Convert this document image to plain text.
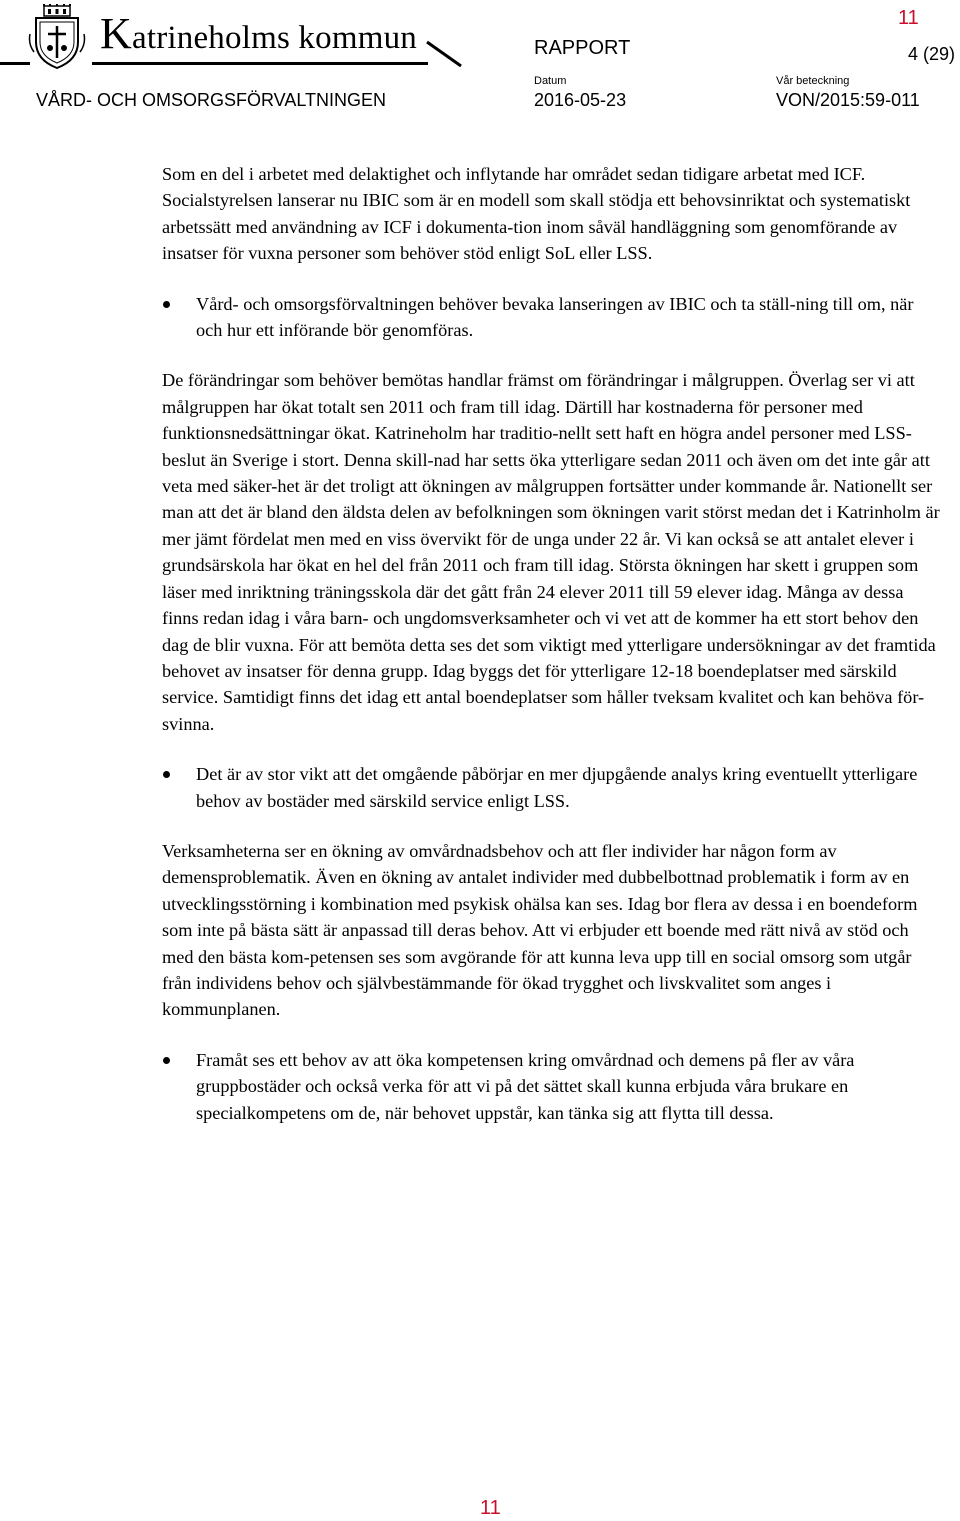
Katrineholms kommun
VÅRD- OCH OMSORGSFÖRVALTNINGEN
RAPPORT
Datum
2016-05-23
Vår beteckning
VON/2015:59-011
11
4 (29)

Som en del i arbetet med delaktighet och inflytande har området sedan tidigare arbetat med ICF. Socialstyrelsen lanserar nu IBIC som är en modell som skall stödja ett behovsinriktat och systematiskt arbetssätt med användning av ICF i dokumenta-tion inom såväl handläggning som genomförande av insatser för vuxna personer som behöver stöd enligt SoL eller LSS.

Vård- och omsorgsförvaltningen behöver bevaka lanseringen av IBIC och ta ställ-ning till om, när och hur ett införande bör genomföras.

De förändringar som behöver bemötas handlar främst om förändringar i målgruppen. Överlag ser vi att målgruppen har ökat totalt sen 2011 och fram till idag. Därtill har kostnaderna för personer med funktionsnedsättningar ökat. Katrineholm har traditio-nellt sett haft en högra andel personer med LSS-beslut än Sverige i stort. Denna skill-nad har setts öka ytterligare sedan 2011 och även om det inte går att veta med säker-het är det troligt att ökningen av målgruppen fortsätter under kommande år. Nationellt ser man att det är bland den äldsta delen av befolkningen som ökningen varit störst medan det i Katrinholm är mer jämt fördelat men med en viss övervikt för de unga under 22 år. Vi kan också se att antalet elever i grundsärskola har ökat en hel del från 2011 och fram till idag. Största ökningen har skett i gruppen som läser med inriktning träningsskola där det gått från 24 elever 2011 till 59 elever idag. Många av dessa finns redan idag i våra barn- och ungdomsverksamheter och vi vet att de kommer ha ett stort behov den dag de blir vuxna. För att bemöta detta ses det som viktigt med ytterligare undersökningar av det framtida behovet av insatser för denna grupp. Idag byggs det för ytterligare 12-18 boendeplatser med särskild service. Samtidigt finns det idag ett antal boendeplatser som håller tveksam kvalitet och kan behöva för-svinna.

Det är av stor vikt att det omgående påbörjar en mer djupgående analys kring eventuellt ytterligare behov av bostäder med särskild service enligt LSS.

Verksamheterna ser en ökning av omvårdnadsbehov och att fler individer har någon form av demensproblematik. Även en ökning av antalet individer med dubbelbottnad problematik i form av en utvecklingsstörning i kombination med psykisk ohälsa kan ses. Idag bor flera av dessa i en boendeform som inte på bästa sätt är anpassad till deras behov. Att vi erbjuder ett boende med rätt nivå av stöd och med den bästa kom-petensen ses som avgörande för att kunna leva upp till en social omsorg som utgår från individens behov och självbestämmande för ökad trygghet och livskvalitet som anges i kommunplanen.

Framåt ses ett behov av att öka kompetensen kring omvårdnad och demens på fler av våra gruppbostäder och också verka för att vi på det sättet skall kunna erbjuda våra brukare en specialkompetens om de, när behovet uppstår, kan tänka sig att flytta till dessa.
11
